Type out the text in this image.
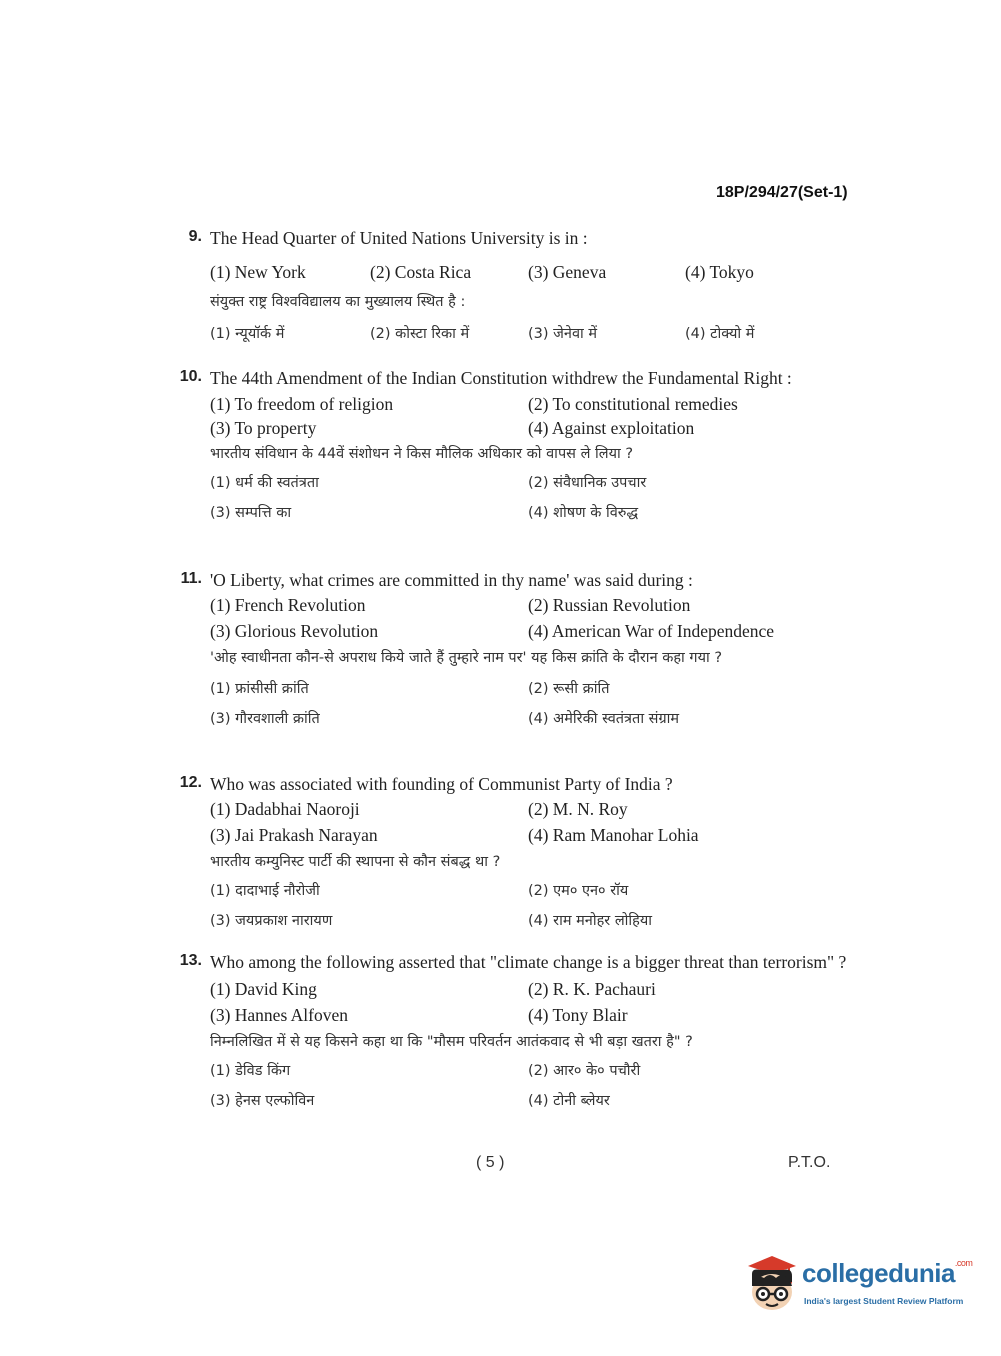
18P/294/27(Set-1)
9. The Head Quarter of United Nations University is in :
(1) New York	(2) Costa Rica	(3) Geneva	(4) Tokyo
संयुक्त राष्ट्र विश्वविद्यालय का मुख्यालय स्थित है :
(1) न्यूयॉर्क में	(2) कोस्टा रिका में	(3) जेनेवा में	(4) टोक्यो में
10. The 44th Amendment of the Indian Constitution withdrew the Fundamental Right :
(1) To freedom of religion	(2) To constitutional remedies
(3) To property	(4) Against exploitation
भारतीय संविधान के 44वें संशोधन ने किस मौलिक अधिकार को वापस ले लिया ?
(1) धर्म की स्वतंत्रता	(2) संवैधानिक उपचार
(3) सम्पत्ति का	(4) शोषण के विरुद्ध
11. 'O Liberty, what crimes are committed in thy name' was said during :
(1) French Revolution	(2) Russian Revolution
(3) Glorious Revolution	(4) American War of Independence
'ओह स्वाधीनता कौन-से अपराध किये जाते हैं तुम्हारे नाम पर' यह किस क्रांति के दौरान कहा गया ?
(1) फ्रांसीसी क्रांति	(2) रूसी क्रांति
(3) गौरवशाली क्रांति	(4) अमेरिकी स्वतंत्रता संग्राम
12. Who was associated with founding of Communist Party of India ?
(1) Dadabhai Naoroji	(2) M. N. Roy
(3) Jai Prakash Narayan	(4) Ram Manohar Lohia
भारतीय कम्युनिस्ट पार्टी की स्थापना से कौन संबद्ध था ?
(1) दादाभाई नौरोजी	(2) एम० एन० रॉय
(3) जयप्रकाश नारायण	(4) राम मनोहर लोहिया
13. Who among the following asserted that "climate change is a bigger threat than terrorism" ?
(1) David King	(2) R. K. Pachauri
(3) Hannes Alfoven	(4) Tony Blair
निम्नलिखित में से यह किसने कहा था कि "मौसम परिवर्तन आतंकवाद से भी बड़ा खतरा है" ?
(1) डेविड किंग	(2) आर० के० पचौरी
(3) हेनस एल्फोविन	(4) टोनी ब्लेयर
( 5 )	P.T.O.
collegedunia$^{.com}$
India's largest Student Review Platform
